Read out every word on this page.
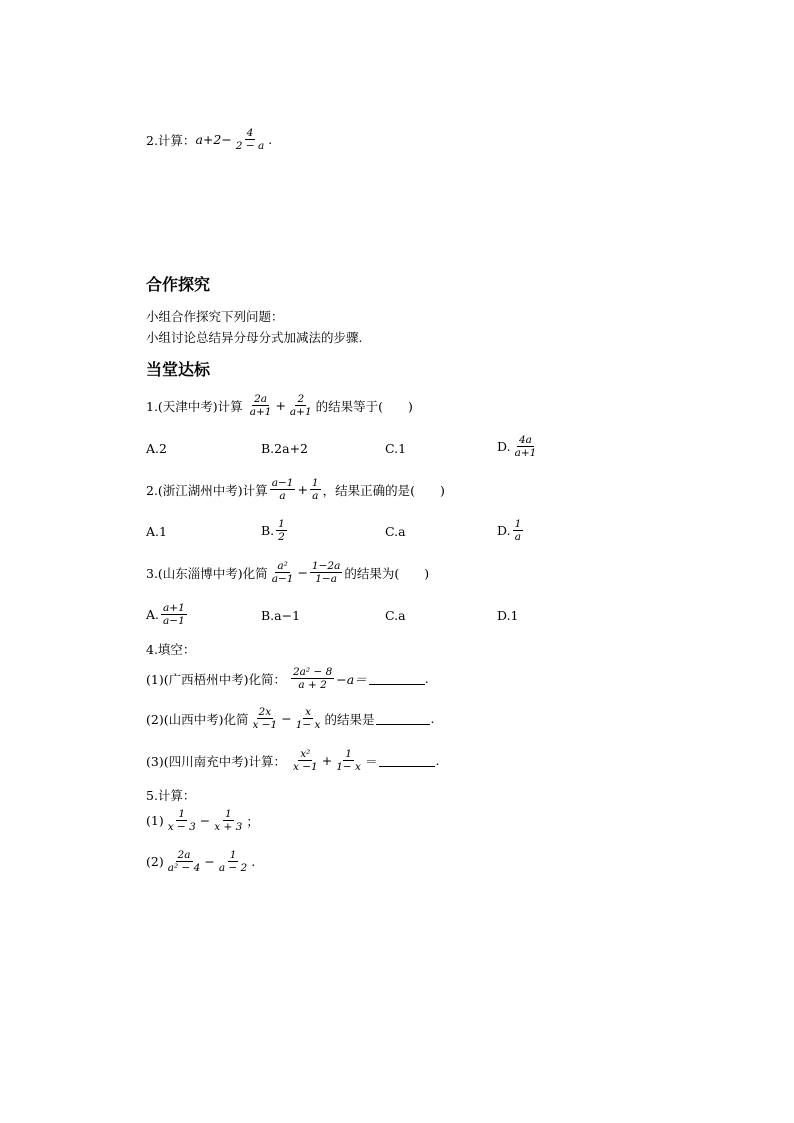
2.计算： $a+2- \frac{4}{2 - a}$ .
合作探究
小组合作探究下列问题：
小组讨论总结异分母分式加减法的步骤.
当堂达标
1.(天津中考)计算 $\frac{2a}{a+1} + \frac{2}{a+1}$ 的结果等于(　　)
A.2	B.2a+2	C.1	D. $\frac{4a}{a+1}$
2.(浙江湖州中考)计算 $\frac{a-1}{a} + \frac{1}{a}$ ，结果正确的是(　　)
A.1	B. $\frac{1}{2}$	C.a	D. $\frac{1}{a}$
3.(山东淄博中考)化简 $\frac{\text{a²}}{a-1} - \frac{1-2a}{1-a}$ 的结果为(　　)
A. $\frac{a+1}{a-1}$	B.a−1	C.a	D.1
4.填空：
(1)(广西梧州中考)化简： $\frac{\text{2a² − 8}}{a + 2} -a=$	.
(2)(山西中考)化简 $\frac{2x}{x -1} - \frac{x}{1- x}$ 的结果是	.
(3)(四川南充中考)计算： $\frac{\text{x²}}{x -1} + \frac{1}{1- x}$ ＝	.
5.计算：
$(1) \frac{1}{x - 3} - \frac{1}{x + 3}$ ；
$(2) \frac{2a}{\text{a² − 4}} - \frac{1}{a - 2}$ .
